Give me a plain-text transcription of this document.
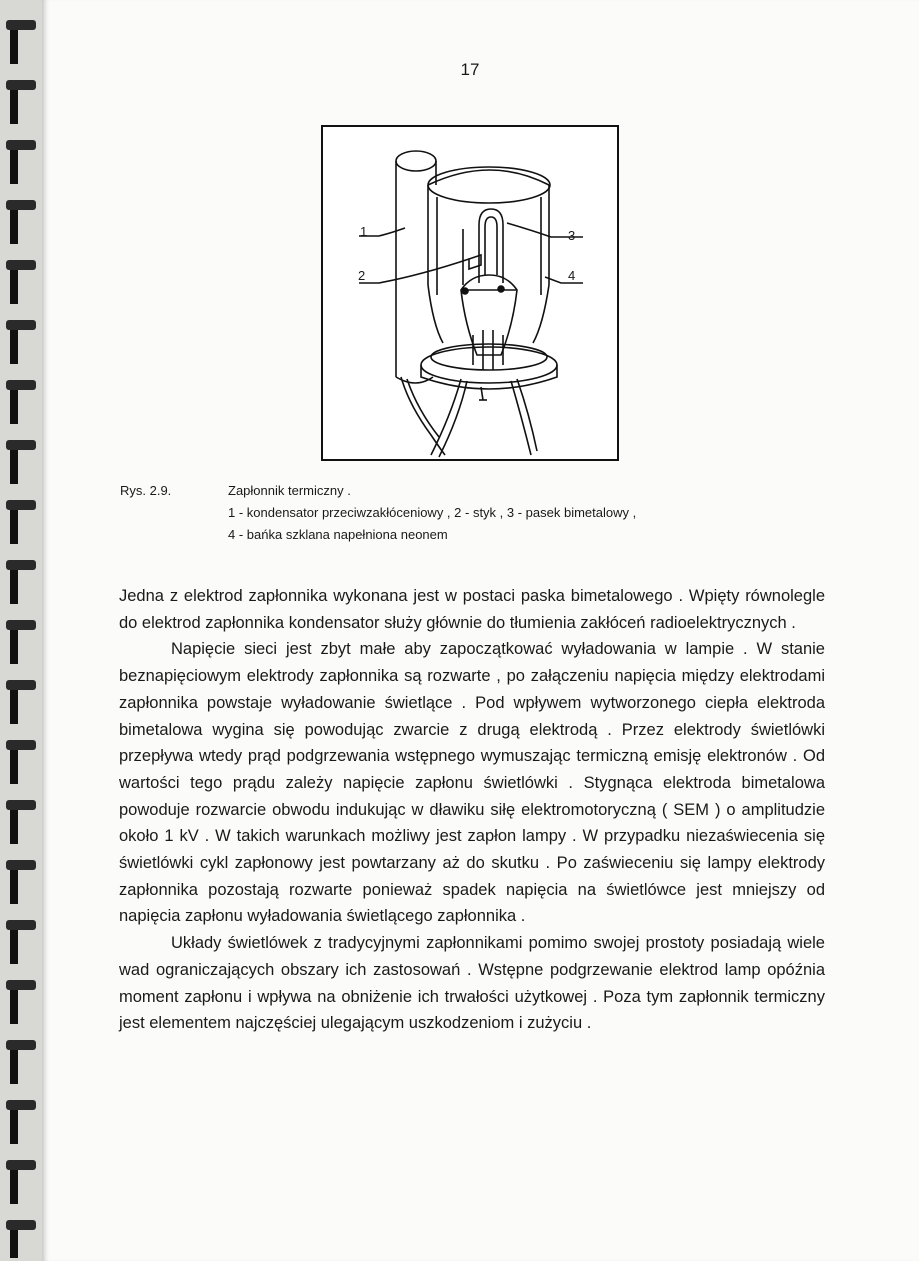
17
1
2
3
4
Rys. 2.9.	Zapłonnik termiczny .
1 - kondensator przeciwzakłóceniowy , 2 - styk , 3 - pasek bimetalowy ,
4 - bańka szklana napełniona neonem

Jedna z elektrod zapłonnika wykonana jest w postaci paska bimetalowego . Wpięty równolegle do elektrod zapłonnika kondensator służy głównie do tłumienia zakłóceń radioelektrycznych .

Napięcie sieci jest zbyt małe aby zapoczątkować wyładowania w lampie . W stanie beznapięciowym elektrody zapłonnika są rozwarte , po załączeniu napięcia między elektrodami zapłonnika powstaje wyładowanie świetlące . Pod wpływem wytworzonego ciepła elektroda bimetalowa wygina się powodując zwarcie z drugą elektrodą . Przez elektrody świetlówki przepływa wtedy prąd podgrzewania wstępnego wymuszając termiczną emisję elektronów . Od wartości tego prądu zależy napięcie zapłonu świetlówki . Stygnąca elektroda bimetalowa powoduje rozwarcie obwodu indukując w dławiku siłę elektromotoryczną ( SEM ) o amplitudzie około 1 kV . W takich warunkach możliwy jest zapłon lampy . W przypadku niezaświecenia się świetlówki cykl zapłonowy jest powtarzany aż do skutku . Po zaświeceniu się lampy elektrody zapłonnika pozostają rozwarte ponieważ spadek napięcia na świetlówce jest mniejszy od napięcia zapłonu wyładowania świetlącego zapłonnika .

Układy świetlówek z tradycyjnymi zapłonnikami pomimo swojej prostoty posiadają wiele wad ograniczających obszary ich zastosowań . Wstępne podgrzewanie elektrod lamp opóźnia moment zapłonu i wpływa na obniżenie ich trwałości użytkowej . Poza tym zapłonnik termiczny jest elementem najczęściej ulegającym uszkodzeniom i zużyciu .
